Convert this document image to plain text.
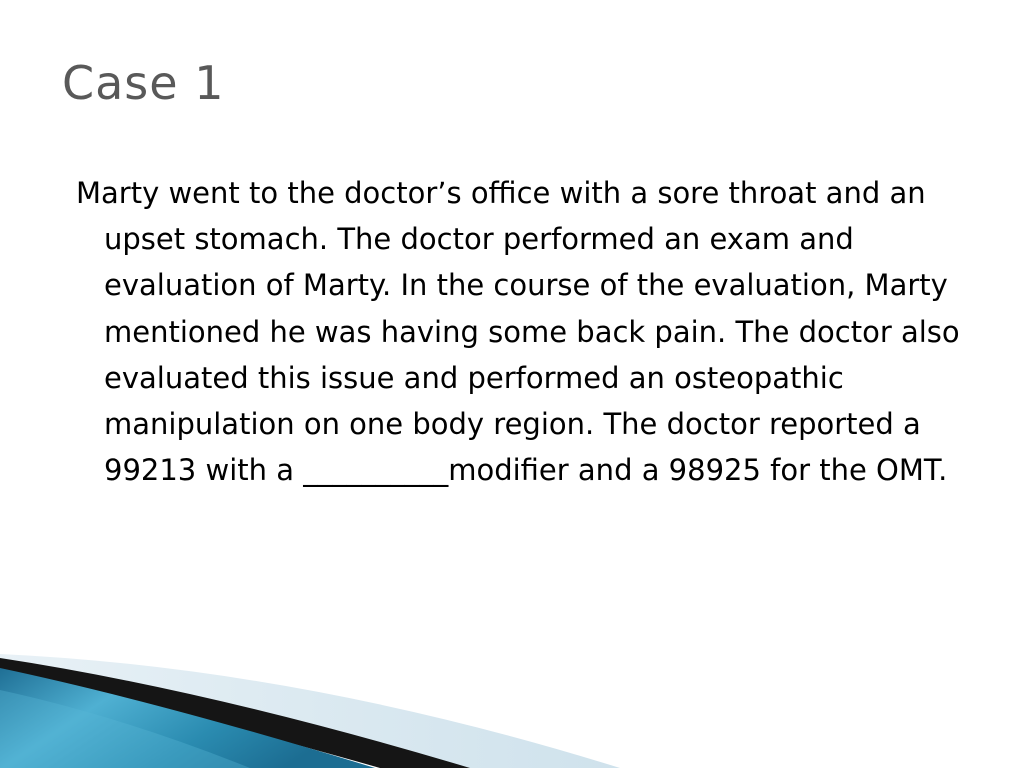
Case 1

Marty went to the doctor’s office with a sore throat and an upset stomach. The doctor performed an exam and evaluation of Marty. In the course of the evaluation, Marty mentioned he was having some back pain. The doctor also evaluated this issue and performed an osteopathic manipulation on one body region. The doctor reported a 99213 with a __________modifier and a 98925 for the OMT.
